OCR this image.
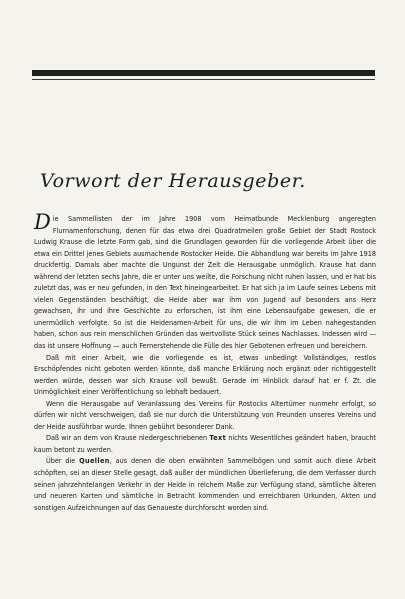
Vorwort der Herausgeber.

Die Sammellisten der im Jahre 1908 vom Heimatbunde Mecklenburg angeregten Flurnamenforschung, denen für das etwa drei Quadratmeilen große Gebiet der Stadt Rostock Ludwig Krause die letzte Form gab, sind die Grundlagen geworden für die vorliegende Arbeit über die etwa ein Drittel jenes Gebiets ausmachende Rostocker Heide. Die Abhandlung war bereits im Jahre 1918 druckfertig. Damals aber machte die Ungunst der Zeit die Herausgabe unmöglich. Krause hat dann während der letzten sechs Jahre, die er unter uns weilte, die Forschung nicht ruhen lassen, und er hat bis zuletzt das, was er neu gefunden, in den Text hineingearbeitet. Er hat sich ja im Laufe seines Lebens mit vielen Gegenständen beschäftigt, die Heide aber war ihm von Jugend auf besonders ans Herz gewachsen, ihr und ihre Geschichte zu erforschen, ist ihm eine Lebensaufgabe gewesen, die er unermüdlich verfolgte. So ist die Heidenamen-Arbeit für uns, die wir ihm im Leben nahegestanden haben, schon aus rein menschlichen Gründen das wertvollste Stück seines Nachlasses. Indessen wird — das ist unsere Hoffnung — auch Fernerstehende die Fülle des hier Gebotenen erfreuen und bereichern.

Daß mit einer Arbeit, wie die vorliegende es ist, etwas unbedingt Vollständiges, restlos Erschöpfendes nicht geboten werden könnte, daß manche Erklärung noch ergänzt oder richtiggestellt werden würde, dessen war sich Krause voll bewußt. Gerade im Hinblick darauf hat er f. Zt. die Unmöglichkeit einer Veröffentlichung so lebhaft bedauert.

Wenn die Herausgabe auf Veranlassung des Vereins für Rostocks Altertümer nunmehr erfolgt, so dürfen wir nicht verschweigen, daß sie nur durch die Unterstützung von Freunden unseres Vereins und der Heide ausführbar wurde. Ihnen gebührt besonderer Dank.

Daß wir an dem von Krause niedergeschriebenen Text nichts Wesentliches geändert haben, braucht kaum betont zu werden.

Über die Quellen, aus denen die oben erwähnten Sammelbögen und somit auch diese Arbeit schöpften, sei an dieser Stelle gesagt, daß außer der mündlichen Überlieferung, die dem Verfasser durch seinen jahrzehntelangen Verkehr in der Heide in reichem Maße zur Verfügung stand, sämtliche älteren und neueren Karten und sämtliche in Betracht kommenden und erreichbaren Urkunden, Akten und sonstigen Aufzeichnungen auf das Genaueste durchforscht worden sind.
